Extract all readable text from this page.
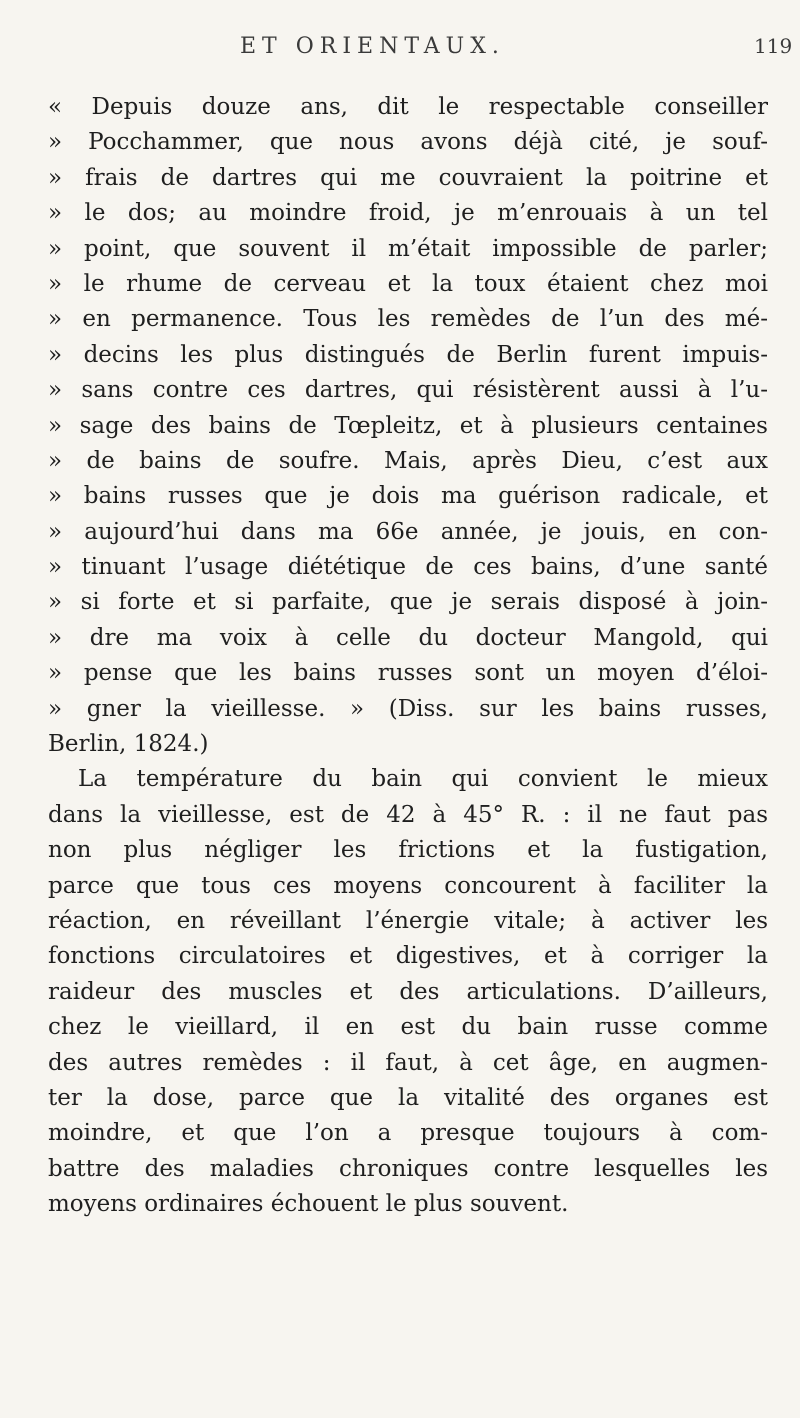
ET ORIENTAUX.	119
« Depuis douze ans, dit le respectable conseiller
» Pocchammer, que nous avons déjà cité, je souf-
» frais de dartres qui me couvraient la poitrine et
» le dos; au moindre froid, je m’enrouais à un tel
» point, que souvent il m’était impossible de parler;
» le rhume de cerveau et la toux étaient chez moi
» en permanence. Tous les remèdes de l’un des mé-
» decins les plus distingués de Berlin furent impuis-
» sans contre ces dartres, qui résistèrent aussi à l’u-
» sage des bains de Tœpleitz, et à plusieurs centaines
» de bains de soufre. Mais, après Dieu, c’est aux
» bains russes que je dois ma guérison radicale, et
» aujourd’hui dans ma 66e année, je jouis, en con-
» tinuant l’usage diététique de ces bains, d’une santé
» si forte et si parfaite, que je serais disposé à join-
» dre ma voix à celle du docteur Mangold, qui
» pense que les bains russes sont un moyen d’éloi-
» gner la vieillesse. » (Diss. sur les bains russes,
Berlin, 1824.)
La température du bain qui convient le mieux
dans la vieillesse, est de 42 à 45° R. : il ne faut pas
non plus négliger les frictions et la fustigation,
parce que tous ces moyens concourent à faciliter la
réaction, en réveillant l’énergie vitale; à activer les
fonctions circulatoires et digestives, et à corriger la
raideur des muscles et des articulations. D’ailleurs,
chez le vieillard, il en est du bain russe comme
des autres remèdes : il faut, à cet âge, en augmen-
ter la dose, parce que la vitalité des organes est
moindre, et que l’on a presque toujours à com-
battre des maladies chroniques contre lesquelles les
moyens ordinaires échouent le plus souvent.
